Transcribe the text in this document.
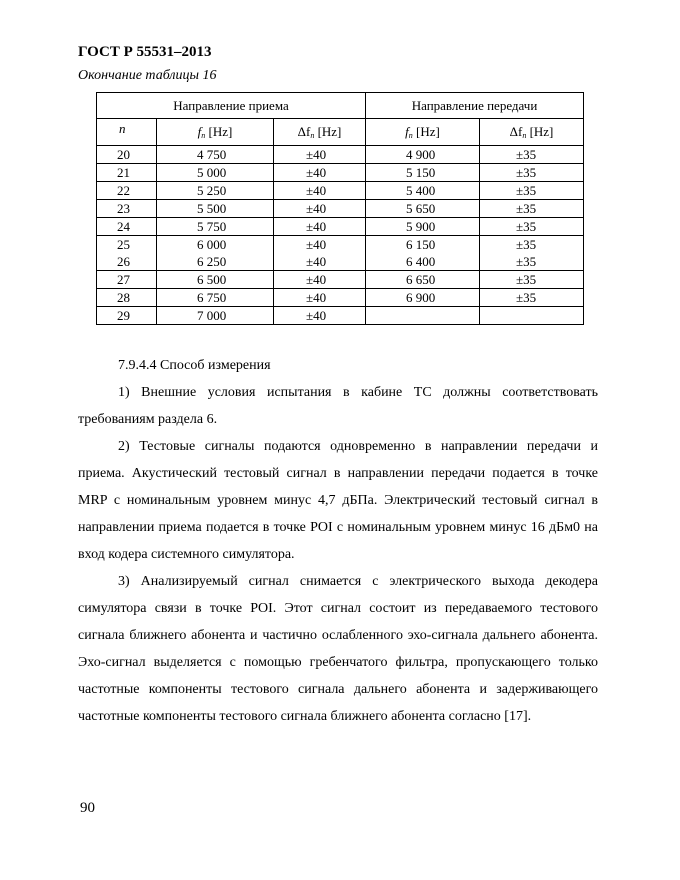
ГОСТ Р 55531–2013
Окончание таблицы 16
Направление приема			Направление передачи	
n	$f_n$ [Hz]	$\Delta f_n$ [Hz]	$f_n$ [Hz]	$\Delta f_n$ [Hz]
20	4 750	±40	4 900	±35
21	5 000	±40	5 150	±35
22	5 250	±40	5 400	±35
23	5 500	±40	5 650	±35
24	5 750	±40	5 900	±35
25	6 000	±40	6 150	±35
26	6 250	±40	6 400	±35
27	6 500	±40	6 650	±35
28	6 750	±40	6 900	±35
29	7 000	±40		
7.9.4.4 Способ измерения
1) Внешние условия испытания в кабине ТС должны соответствовать требованиям раздела 6.
2) Тестовые сигналы подаются одновременно в направлении передачи и приема. Акустический тестовый сигнал в направлении передачи подается в точке MRP с номинальным уровнем минус 4,7 дБПа. Электрический тестовый сигнал в направлении приема подается в точке POI с номинальным уровнем минус 16 дБм0 на вход кодера системного симулятора.
3) Анализируемый сигнал снимается с электрического выхода декодера симулятора связи в точке POI. Этот сигнал состоит из передаваемого тестового сигнала ближнего абонента и частично ослабленного эхо-сигнала дальнего абонента. Эхо-сигнал выделяется с помощью гребенчатого фильтра, пропускающего только частотные компоненты тестового сигнала дальнего абонента и задерживающего частотные компоненты тестового сигнала ближнего абонента согласно [17].
90
